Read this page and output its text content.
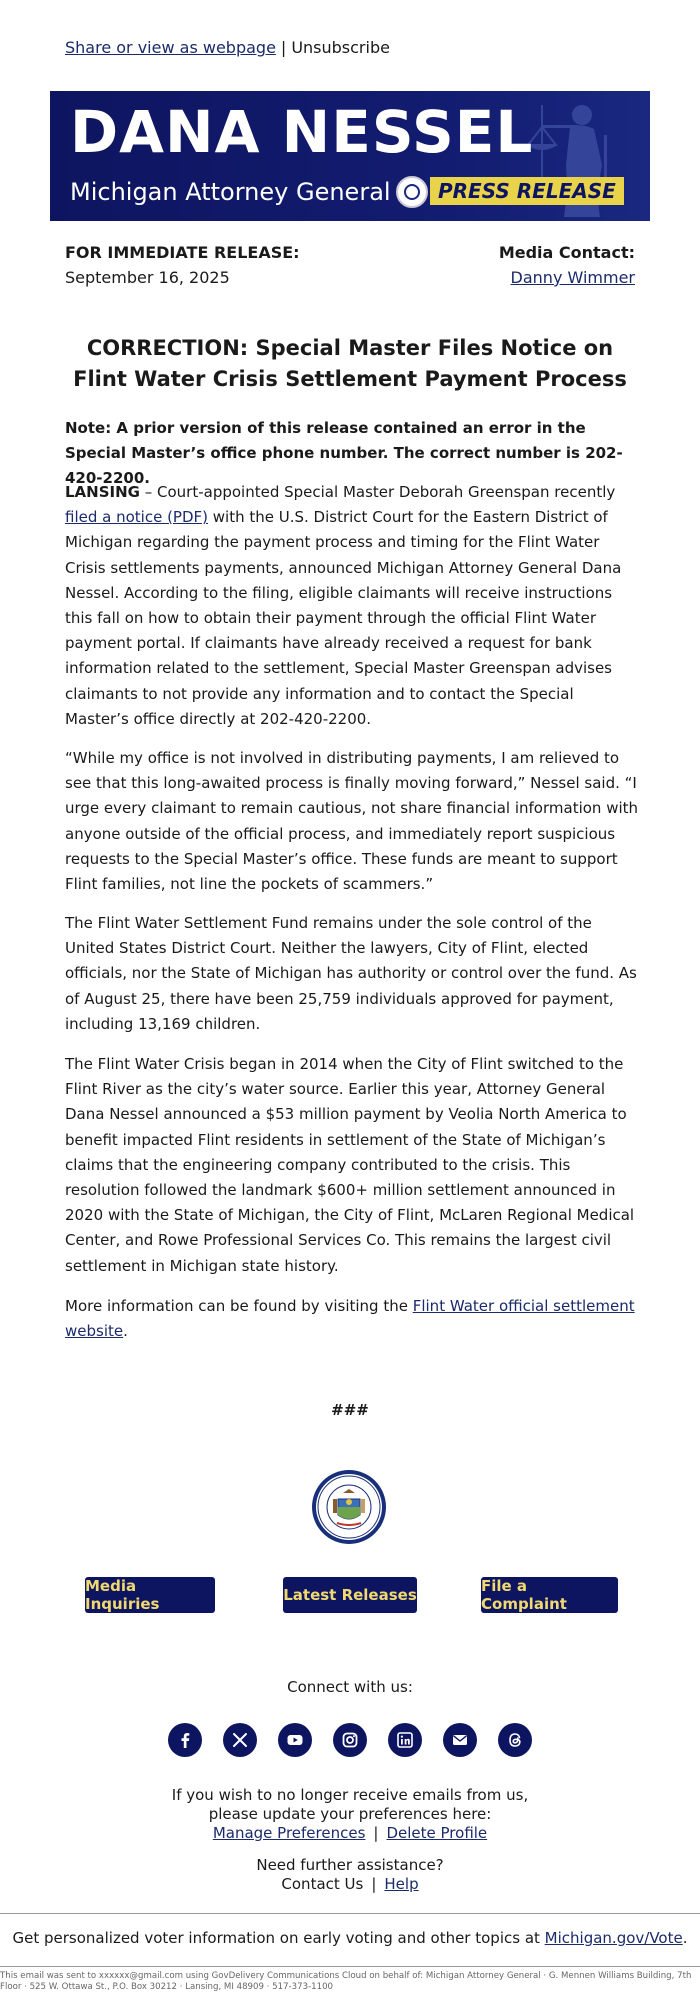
Share or view as webpage | Unsubscribe
DANA NESSEL
Michigan Attorney General	PRESS RELEASE
FOR IMMEDIATE RELEASE:
September 16, 2025
Media Contact:
Danny Wimmer
CORRECTION: Special Master Files Notice on Flint Water Crisis Settlement Payment Process
Note: A prior version of this release contained an error in the Special Master’s office phone number. The correct number is 202-420-2200.
LANSING – Court-appointed Special Master Deborah Greenspan recently filed a notice (PDF) with the U.S. District Court for the Eastern District of Michigan regarding the payment process and timing for the Flint Water Crisis settlements payments, announced Michigan Attorney General Dana Nessel. According to the filing, eligible claimants will receive instructions this fall on how to obtain their payment through the official Flint Water payment portal. If claimants have already received a request for bank information related to the settlement, Special Master Greenspan advises claimants to not provide any information and to contact the Special Master’s office directly at 202-420-2200.
“While my office is not involved in distributing payments, I am relieved to see that this long-awaited process is finally moving forward,” Nessel said. “I urge every claimant to remain cautious, not share financial information with anyone outside of the official process, and immediately report suspicious requests to the Special Master’s office. These funds are meant to support Flint families, not line the pockets of scammers.”
The Flint Water Settlement Fund remains under the sole control of the United States District Court. Neither the lawyers, City of Flint, elected officials, nor the State of Michigan has authority or control over the fund. As of August 25, there have been 25,759 individuals approved for payment, including 13,169 children.
The Flint Water Crisis began in 2014 when the City of Flint switched to the Flint River as the city’s water source. Earlier this year, Attorney General Dana Nessel announced a $53 million payment by Veolia North America to benefit impacted Flint residents in settlement of the State of Michigan’s claims that the engineering company contributed to the crisis. This resolution followed the landmark $600+ million settlement announced in 2020 with the State of Michigan, the City of Flint, McLaren Regional Medical Center, and Rowe Professional Services Co. This remains the largest civil settlement in Michigan state history.
More information can be found by visiting the Flint Water official settlement website.
###
Media Inquiries	Latest Releases	File a Complaint
Connect with us:
If you wish to no longer receive emails from us,
please update your preferences here:
Manage Preferences | Delete Profile
Need further assistance?
Contact Us | Help
Get personalized voter information on early voting and other topics at Michigan.gov/Vote.
This email was sent to xxxxxx@gmail.com using GovDelivery Communications Cloud on behalf of: Michigan Attorney General · G. Mennen Williams Building, 7th Floor · 525 W. Ottawa St., P.O. Box 30212 · Lansing, MI 48909 · 517-373-1100
